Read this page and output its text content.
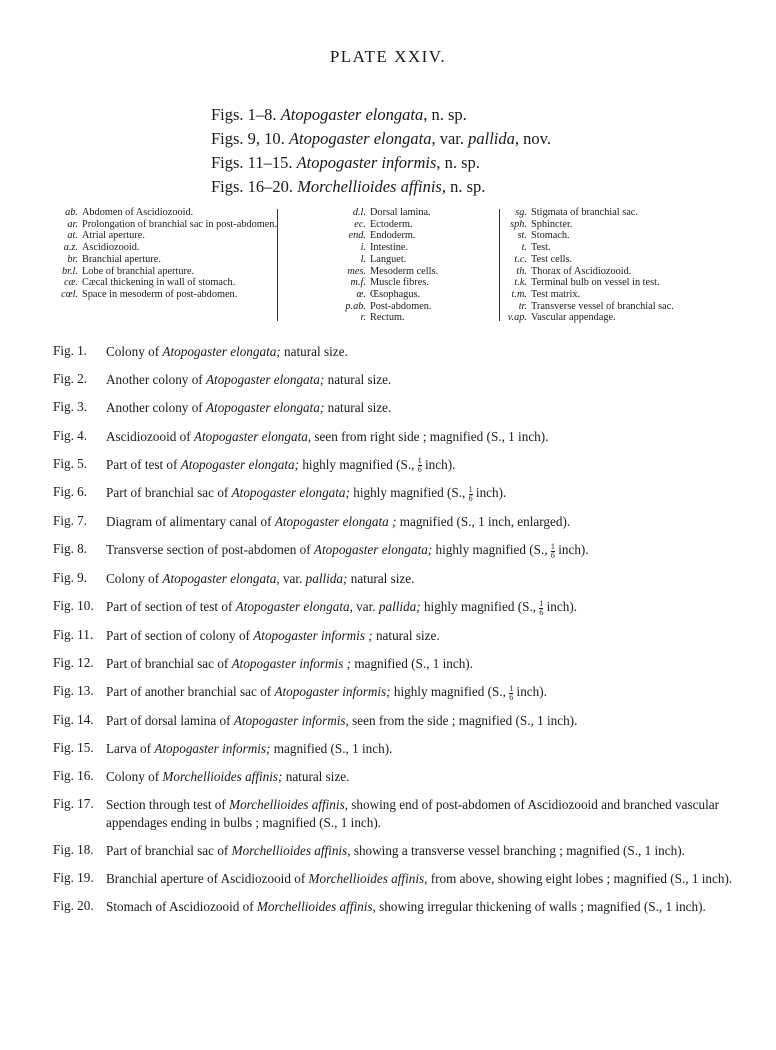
PLATE XXIV.
Figs. 1–8. Atopogaster elongata, n. sp.
Figs. 9, 10. Atopogaster elongata, var. pallida, nov.
Figs. 11–15. Atopogaster informis, n. sp.
Figs. 16–20. Morchellioides affinis, n. sp.
ab. Abdomen of Ascidiozooid.
ar. Prolongation of branchial sac in post-abdomen.
at. Atrial aperture.
a.z. Ascidiozooid.
br. Branchial aperture.
br.l. Lobe of branchial aperture.
cæ. Cæcal thickening in wall of stomach.
cœl. Space in mesoderm of post-abdomen.
d.l. Dorsal lamina.
ec. Ectoderm.
end. Endoderm.
i. Intestine.
l. Languet.
mes. Mesoderm cells.
m.f. Muscle fibres.
œ. Œsophagus.
p.ab. Post-abdomen.
r. Rectum.
sg. Stigmata of branchial sac.
sph. Sphincter.
st. Stomach.
t. Test.
t.c. Test cells.
th. Thorax of Ascidiozooid.
t.k. Terminal bulb on vessel in test.
t.m. Test matrix.
tr. Transverse vessel of branchial sac.
v.ap. Vascular appendage.
Fig. 1.	Colony of Atopogaster elongata; natural size.
Fig. 2.	Another colony of Atopogaster elongata; natural size.
Fig. 3.	Another colony of Atopogaster elongata; natural size.
Fig. 4.	Ascidiozooid of Atopogaster elongata, seen from right side ; magnified (S., 1 inch).
Fig. 5.	Part of test of Atopogaster elongata; highly magnified (S., $\frac{1}{6}$ inch).
Fig. 6.	Part of branchial sac of Atopogaster elongata; highly magnified (S., $\frac{1}{6}$ inch).
Fig. 7.	Diagram of alimentary canal of Atopogaster elongata ; magnified (S., 1 inch, enlarged).
Fig. 8.	Transverse section of post-abdomen of Atopogaster elongata; highly magnified (S., $\frac{1}{6}$ inch).
Fig. 9.	Colony of Atopogaster elongata, var. pallida; natural size.
Fig. 10. Part of section of test of Atopogaster elongata, var. pallida; highly magnified (S., $\frac{1}{6}$ inch).
Fig. 11. Part of section of colony of Atopogaster informis ; natural size.
Fig. 12. Part of branchial sac of Atopogaster informis ; magnified (S., 1 inch).
Fig. 13. Part of another branchial sac of Atopogaster informis; highly magnified (S., $\frac{1}{6}$ inch).
Fig. 14. Part of dorsal lamina of Atopogaster informis, seen from the side ; magnified (S., 1 inch).
Fig. 15. Larva of Atopogaster informis; magnified (S., 1 inch).
Fig. 16. Colony of Morchellioides affinis; natural size.
Fig. 17. Section through test of Morchellioides affinis, showing end of post-abdomen of Ascidiozooid and branched vascular appendages ending in bulbs ; magnified (S., 1 inch).
Fig. 18. Part of branchial sac of Morchellioides affinis, showing a transverse vessel branching ; magnified (S., 1 inch).
Fig. 19. Branchial aperture of Ascidiozooid of Morchellioides affinis, from above, showing eight lobes ; magnified (S., 1 inch).
Fig. 20. Stomach of Ascidiozooid of Morchellioides affinis, showing irregular thickening of walls ; magnified (S., 1 inch).
